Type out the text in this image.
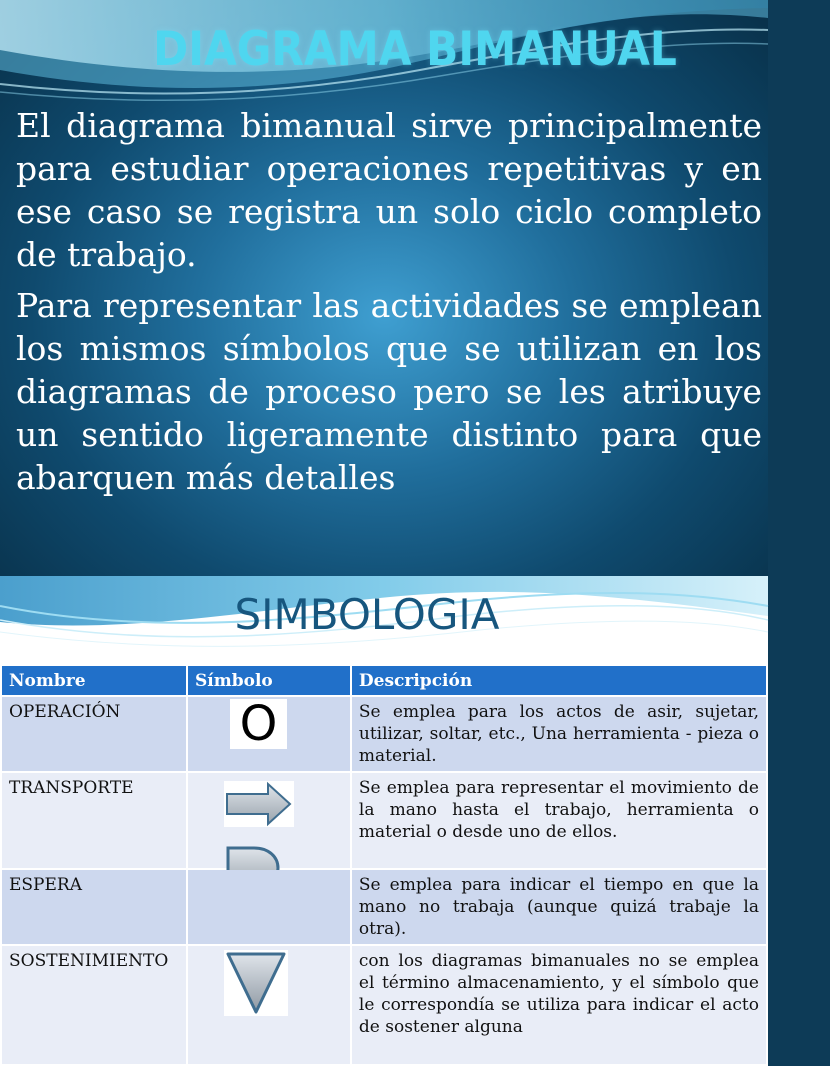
DIAGRAMA BIMANUAL

El diagrama bimanual sirve principalmente para estudiar operaciones repetitivas y en ese caso se registra un solo ciclo completo de trabajo.

Para representar las actividades se emplean los mismos símbolos que se utilizan en los diagramas de proceso pero se les atribuye un sentido ligeramente distinto para que abarquen más detalles

SIMBOLOGIA
Nombre	Símbolo	Descripción
OPERACIÓN	O	Se emplea para los actos de asir, sujetar, utilizar, soltar, etc., Una herramienta - pieza o material.
TRANSPORTE		Se emplea para representar el movimiento de la mano hasta el trabajo, herramienta o material o desde uno de ellos.
ESPERA		Se emplea para indicar el tiempo en que la mano no trabaja (aunque quizá trabaje la otra).

SOSTENIMIENTO		con los diagramas bimanuales no se emplea el término almacenamiento, y el símbolo que le correspondía se utiliza para indicar el acto de sostener alguna
